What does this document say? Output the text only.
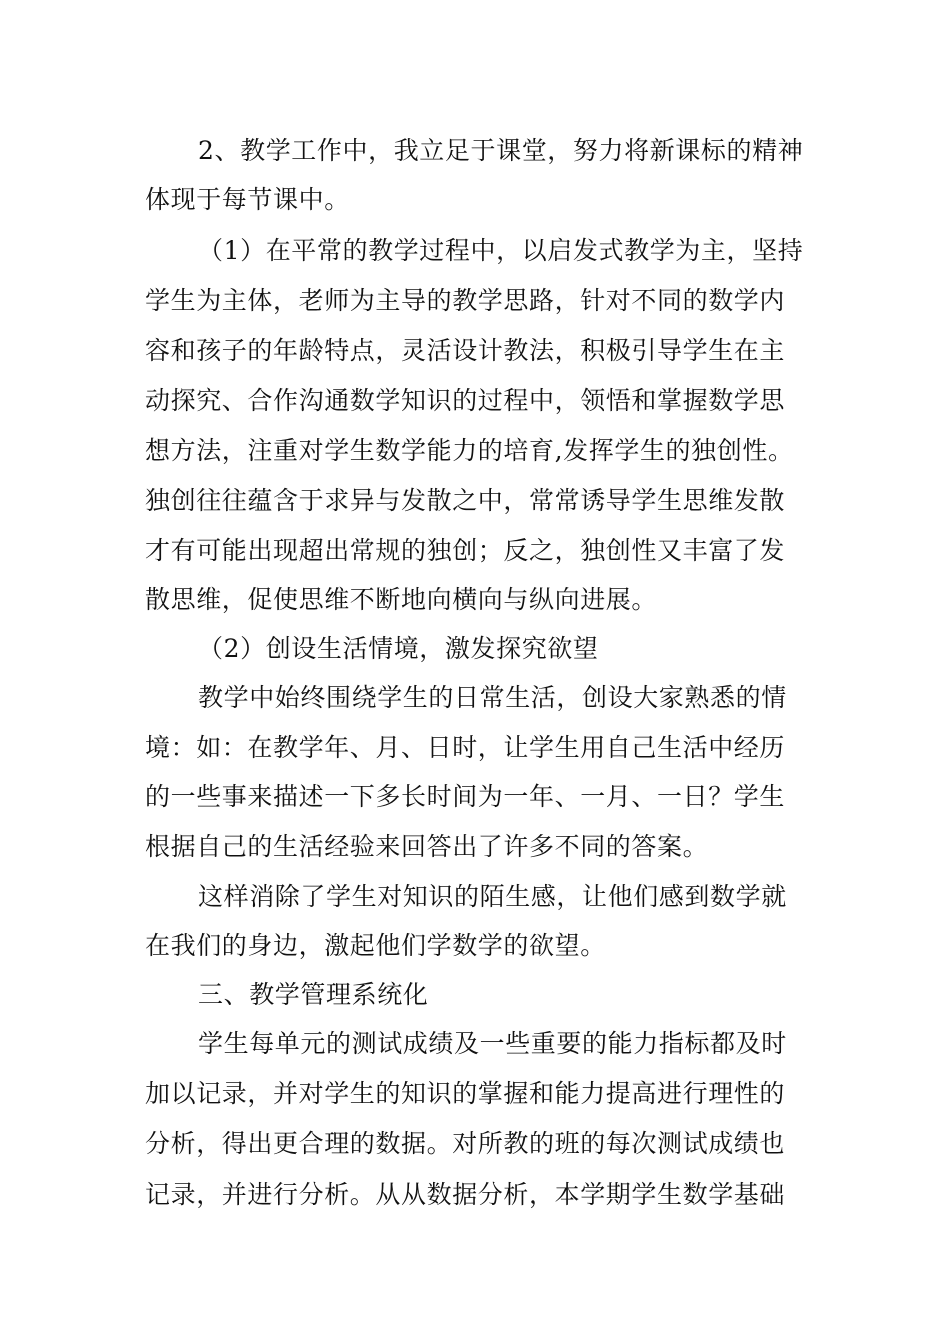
2、教学工作中，我立足于课堂，努力将新课标的精神
体现于每节课中。
（1）在平常的教学过程中，以启发式教学为主，坚持
学生为主体，老师为主导的教学思路，针对不同的数学内
容和孩子的年龄特点，灵活设计教法，积极引导学生在主
动探究、合作沟通数学知识的过程中，领悟和掌握数学思
想方法，注重对学生数学能力的培育,发挥学生的独创性。
独创往往蕴含于求异与发散之中，常常诱导学生思维发散
才有可能出现超出常规的独创；反之，独创性又丰富了发
散思维，促使思维不断地向横向与纵向进展。
（2）创设生活情境，激发探究欲望
教学中始终围绕学生的日常生活，创设大家熟悉的情
境：如：在教学年、月、日时，让学生用自己生活中经历
的一些事来描述一下多长时间为一年、一月、一日？学生
根据自己的生活经验来回答出了许多不同的答案。
这样消除了学生对知识的陌生感，让他们感到数学就
在我们的身边，激起他们学数学的欲望。
三、教学管理系统化
学生每单元的测试成绩及一些重要的能力指标都及时
加以记录，并对学生的知识的掌握和能力提高进行理性的
分析，得出更合理的数据。对所教的班的每次测试成绩也
记录，并进行分析。从从数据分析，本学期学生数学基础
